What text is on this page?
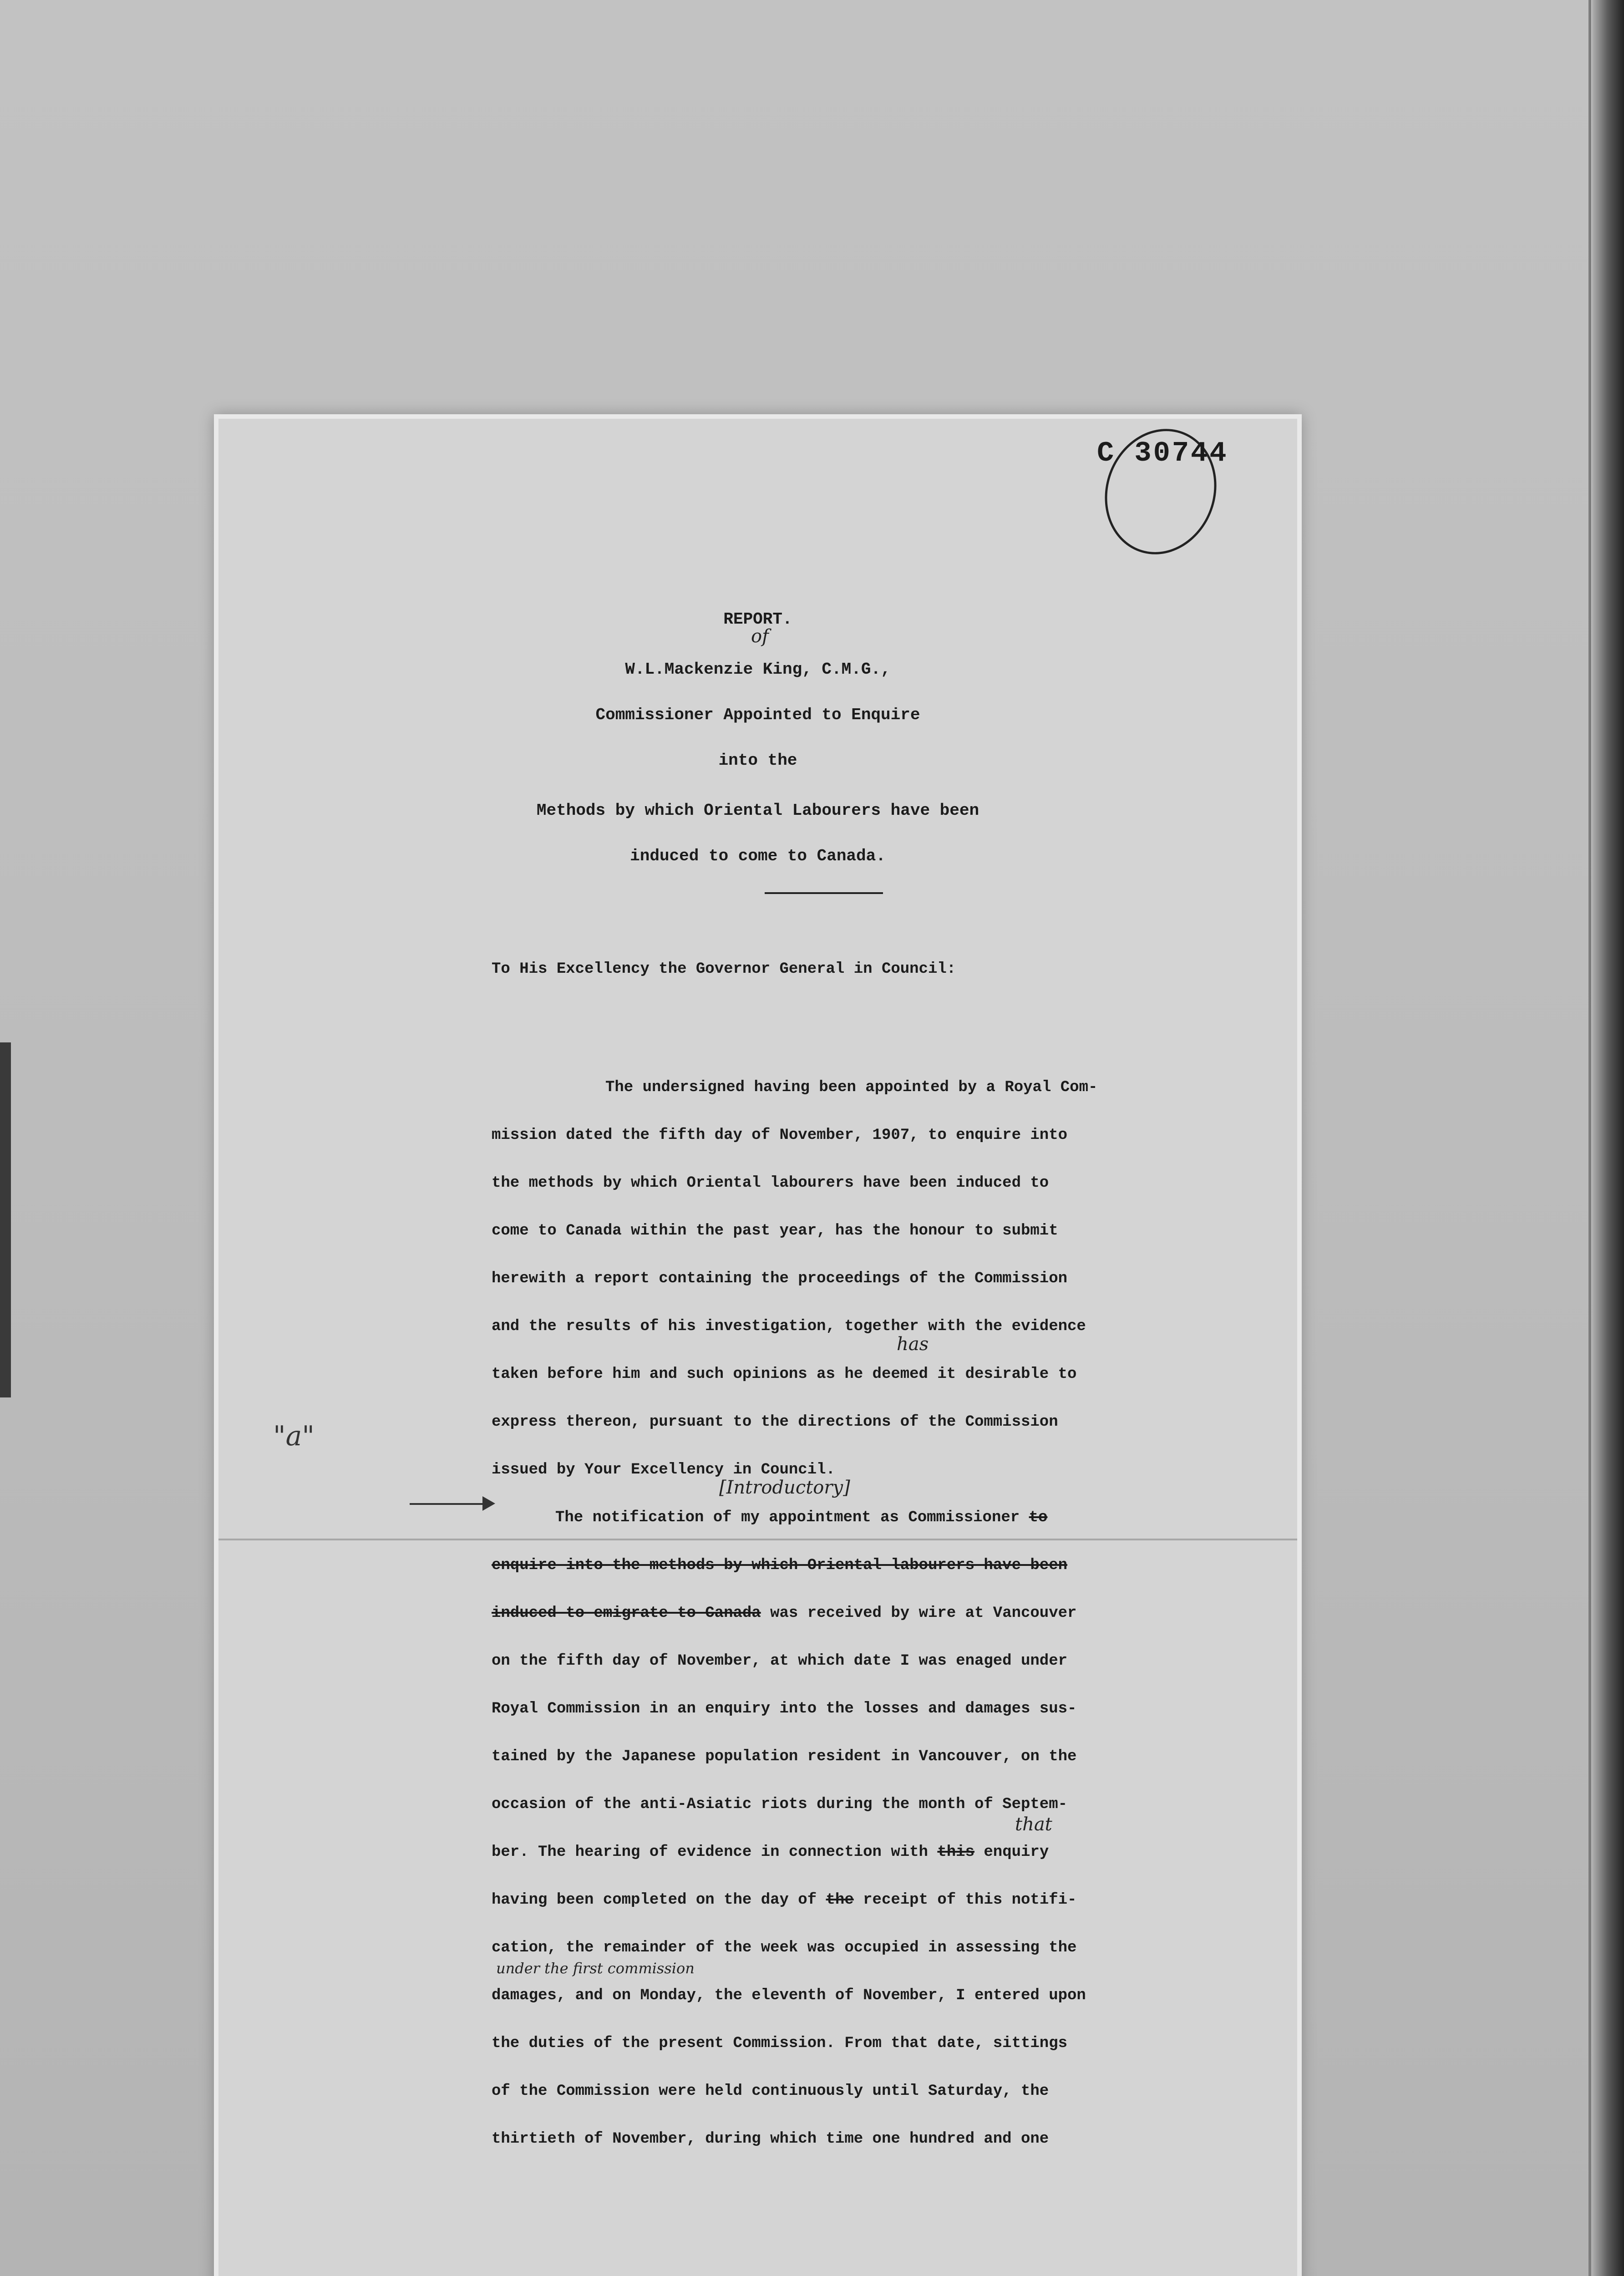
C 30744
REPORT.
of
W.L.Mackenzie King, C.M.G.,
Commissioner Appointed to Enquire
into the
Methods by which Oriental Labourers have been
induced to come to Canada.
To His Excellency the Governor General in Council:
The undersigned having been appointed by a Royal Com-
mission dated the fifth day of November, 1907, to enquire into
the methods by which Oriental labourers have been induced to
come to Canada within the past year, has the honour to submit
herewith a report containing the proceedings of the Commission
and the results of his investigation, together with the evidence
has
taken before him and such opinions as he deemed it desirable to
express thereon, pursuant to the directions of the Commission
issued by Your Excellency in Council.
"a"
[Introductory]
The notification of my appointment as Commissioner to
enquire into the methods by which Oriental labourers have been
induced to emigrate to Canada was received by wire at Vancouver
on the fifth day of November, at which date I was enaged under
Royal Commission in an enquiry into the losses and damages sus-
tained by the Japanese population resident in Vancouver, on the
occasion of the anti-Asiatic riots during the month of Septem-
that
ber. The hearing of evidence in connection with this enquiry
having been completed on the day of the receipt of this notifi-
cation, the remainder of the week was occupied in assessing the
under the first commission
damages, and on Monday, the eleventh of November, I entered upon
the duties of the present Commission. From that date, sittings
of the Commission were held continuously until Saturday, the
thirtieth of November, during which time one hundred and one
